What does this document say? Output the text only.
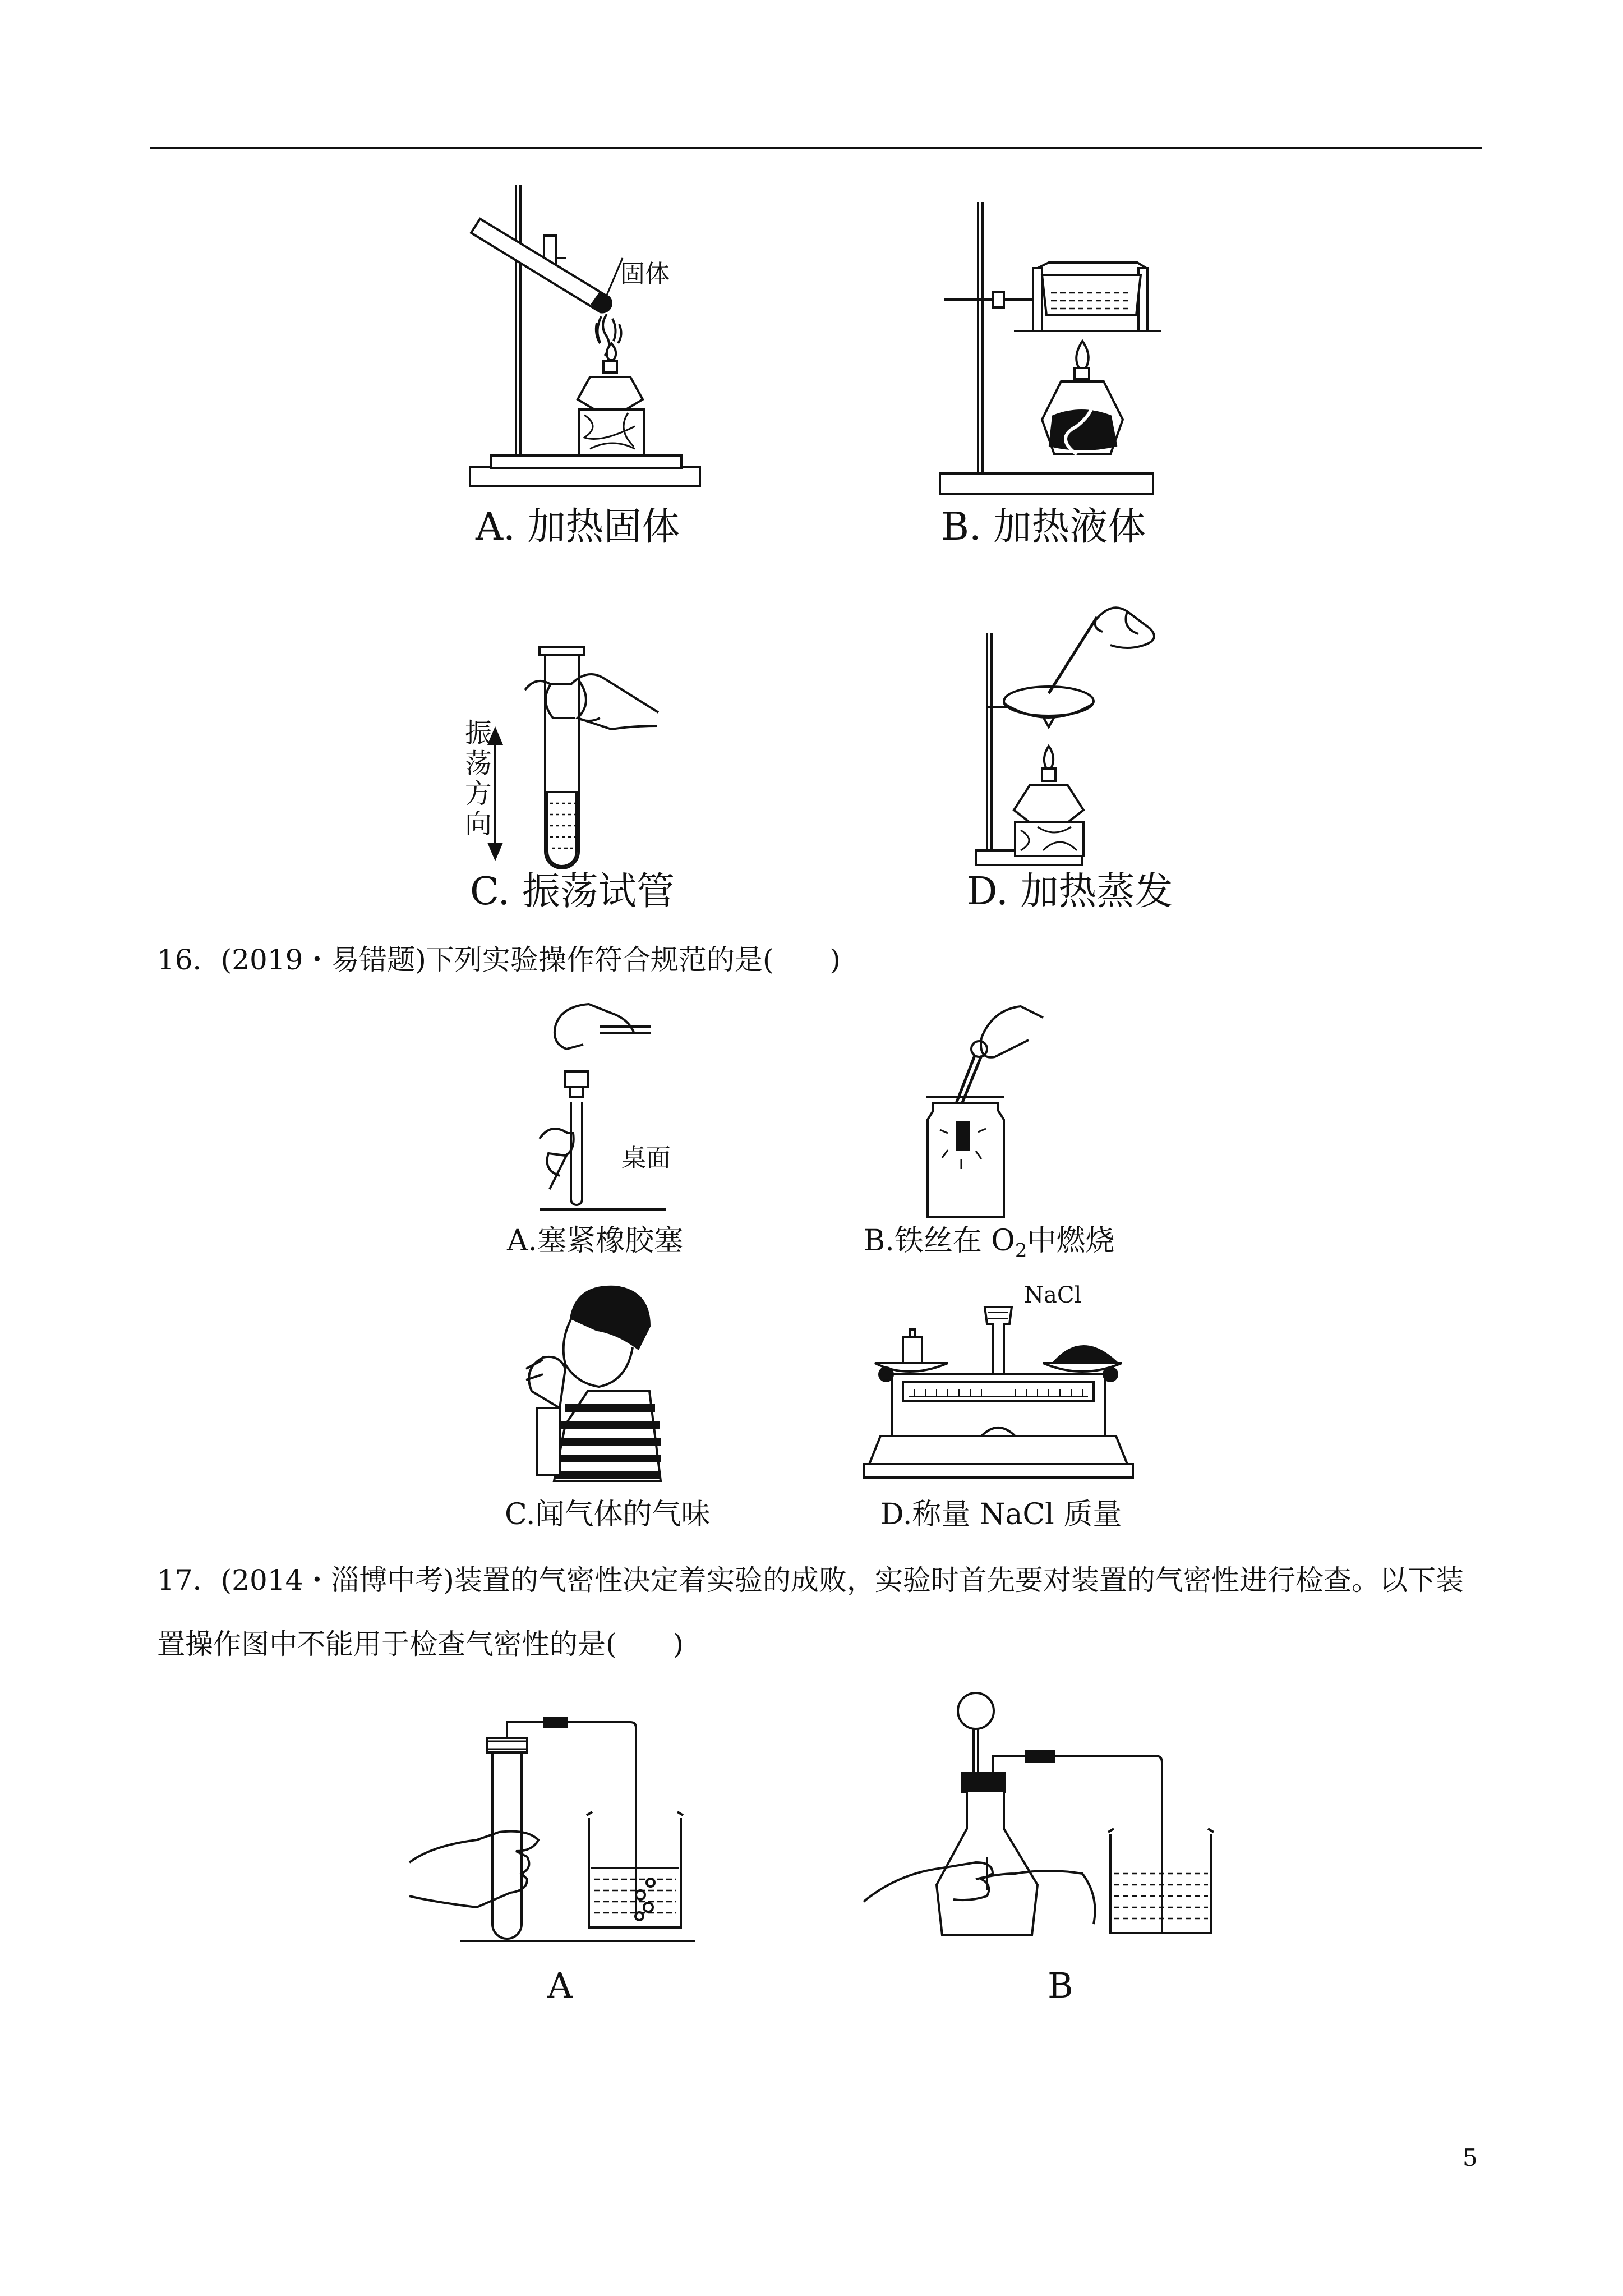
固体
A. 加热固体	B. 加热液体
振荡方向
C. 振荡试管	D. 加热蒸发
16．(2019・易错题)下列实验操作符合规范的是(　　)
桌面
A.塞紧橡胶塞	B.铁丝在 $O_2$中燃烧
C.闻气体的气味
NaCl
D.称量 NaCl 质量
17．(2014・淄博中考)装置的气密性决定着实验的成败，实验时首先要对装置的气密性进行检查。以下装
置操作图中不能用于检查气密性的是(　　)
A	B
5
